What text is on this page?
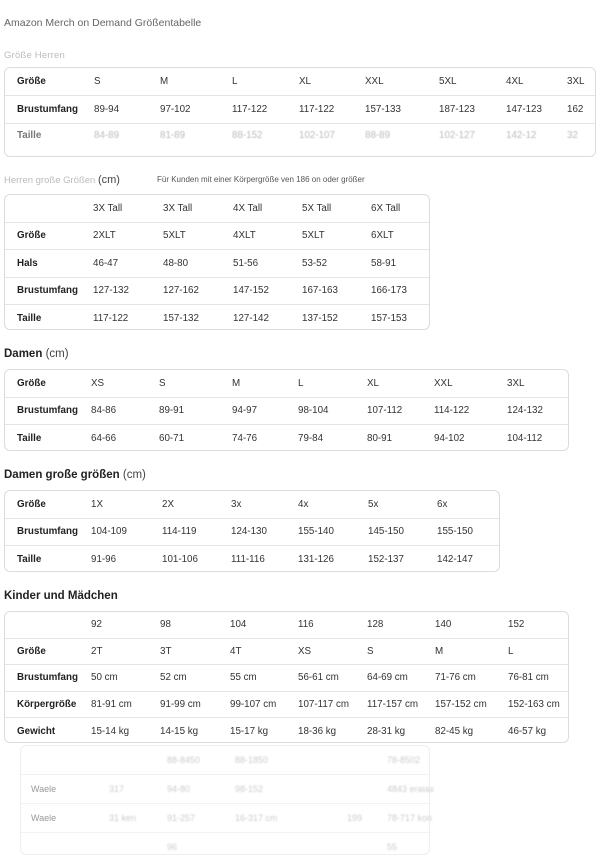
Amazon Merch on Demand Größentabelle
Größe Herren
Größe	S	M	L	XL	XXL	5XL	4XL	3XL
Brustumfang	89-94	97-102	117-122	117-122	157-133	187-123	147-123	162
Taille	84-89	81-89	88-152	102-107	88-89	102-127	142-12	32
Herren große Größen (cm)	Für Kunden mit einer Körpergröße ven 186 on oder größer
	3X Tall	3X Tall	4X Tall	5X Tall	6X Tall
Größe	2XLT	5XLT	4XLT	5XLT	6XLT
Hals	46-47	48-80	51-56	53-52	58-91
Brustumfang	127-132	127-162	147-152	167-163	166-173
Taille	117-122	157-132	127-142	137-152	157-153
Damen (cm)
Größe	XS	S	M	L	XL	XXL	3XL
Brustumfang	84-86	89-91	94-97	98-104	107-112	114-122	124-132
Taille	64-66	60-71	74-76	79-84	80-91	94-102	104-112
Damen große größen (cm)
Größe	1X	2X	3x	4x	5x	6x
Brustumfang	104-109	114-119	124-130	155-140	145-150	155-150
Taille	91-96	101-106	111-116	131-126	152-137	142-147
Kinder und Mädchen
	92	98	104	116	128	140	152
Größe	2T	3T	4T	XS	S	M	L
Brustumfang	50 cm	52 cm	55 cm	56-61 cm	64-69 cm	71-76 cm	76-81 cm
Körpergröße	81-91 cm	91-99 cm	99-107 cm	107-117 cm	117-157 cm	157-152 cm	152-163 cm
Gewicht	15-14 kg	14-15 kg	15-17 kg	18-36 kg	28-31 kg	82-45 kg	46-57 kg
			88-8450	88-1850			78-8502
Waele		317	94-80	98-152			4843 eraiax
Waele		31 ken	91-257	16-317 cm		199	78-717 kon
			96				55
